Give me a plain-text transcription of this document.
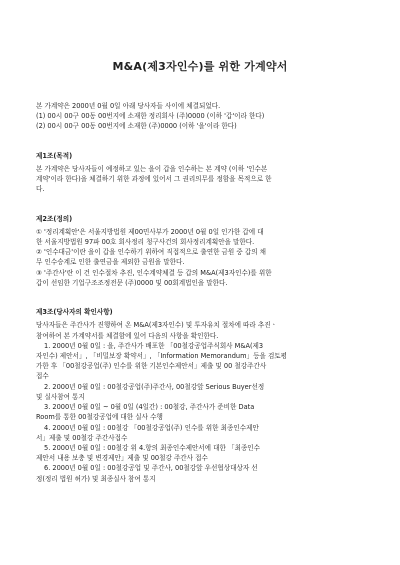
M&A(제3자인수)를 위한 가계약서

본 가계약은 2000년 0월 0일 아래 당사자들 사이에 체결되었다.

(1) 00시 00구 00동 00번지에 소재한 정리회사 (주)0000 (이하 '갑'이라 한다)

(2) 00시 00구 00동 00번지에 소재한 (주)0000 (이하 '을'이라 한다)

제1조(목적)

본 가계약은 당사자들이 예정하고 있는 을이 갑을 인수하는 본 계약 (이하 '인수본

계약'이라 한다)을 체결하기 위한 과정에 있어서 그 권리의무를 정함을 목적으로 한

다.

제2조(정의)

① '정리계획안'은 서울지방법원 제00민사부가 2000년 0월 0일 인가한 갑에 대

한 서울지방법원 97파 00호 회사정리 청구사건의 회사정리계획안을 말한다.

② '인수대금'이란 을이 갑을 인수하기 위하여 직접적으로 출연한 금원 중 갑의 채

무 인수승계로 인한 출연금을 제외한 금원을 말한다.

③ '주간사'란 이 건 인수절차 추진, 인수계약체결 등 갑의 M&A(제3자인수)를 위한

갑이 선임한 기업구조조정전문 (주)0000 및 00회계법인을 말한다.

제3조(당사자의 확인사항)

당사자들은 주간사가 진행하여 온 M&A(제3자인수) 및 투자유치 절차에 따라 추진ㆍ

참여하여 본 가계약서를 체결함에 있어 다음의 사항을 확인한다.

1. 2000년 0월 0일 : 을, 주간사가 배포한 「00철강공업주식회사 M&A(제3

자인수) 제안서」, 「비밀보장 확약서」, 「Information Memorandum」등을 검토평

가한 후 「00철강공업(주) 인수를 위한 기본인수제안서」제출 및 00 철강주간사

접수

2. 2000년 0월 0일 : 00철강공업(주)주간사, 00철강앞 Serious Buyer선정

및 실사참여 통지

3. 2000년 0월 0일 ~ 0월 0일 (4일간) : 00철강, 주간사가 준비한 Data

Room를 통한 00철강공업에 대한 실사 수행

4. 2000년 0월 0일 : 00철강 「00철강공업(주) 인수를 위한 최종인수제안

서」제출 및 00철강 주간사접수

5. 2000년 0월 0일 : 00철강 위 4.항의 최종인수제안서에 대한 「최종인수

제안서 내용 보충 및 변경제안」제출 및 00철강 주간사 접수

6. 2000년 0월 0일 : 00철강공업 및 주간사, 00철강앞 우선협상대상자 선

정(정리 법원 허가) 및 최종실사 참여 통지
